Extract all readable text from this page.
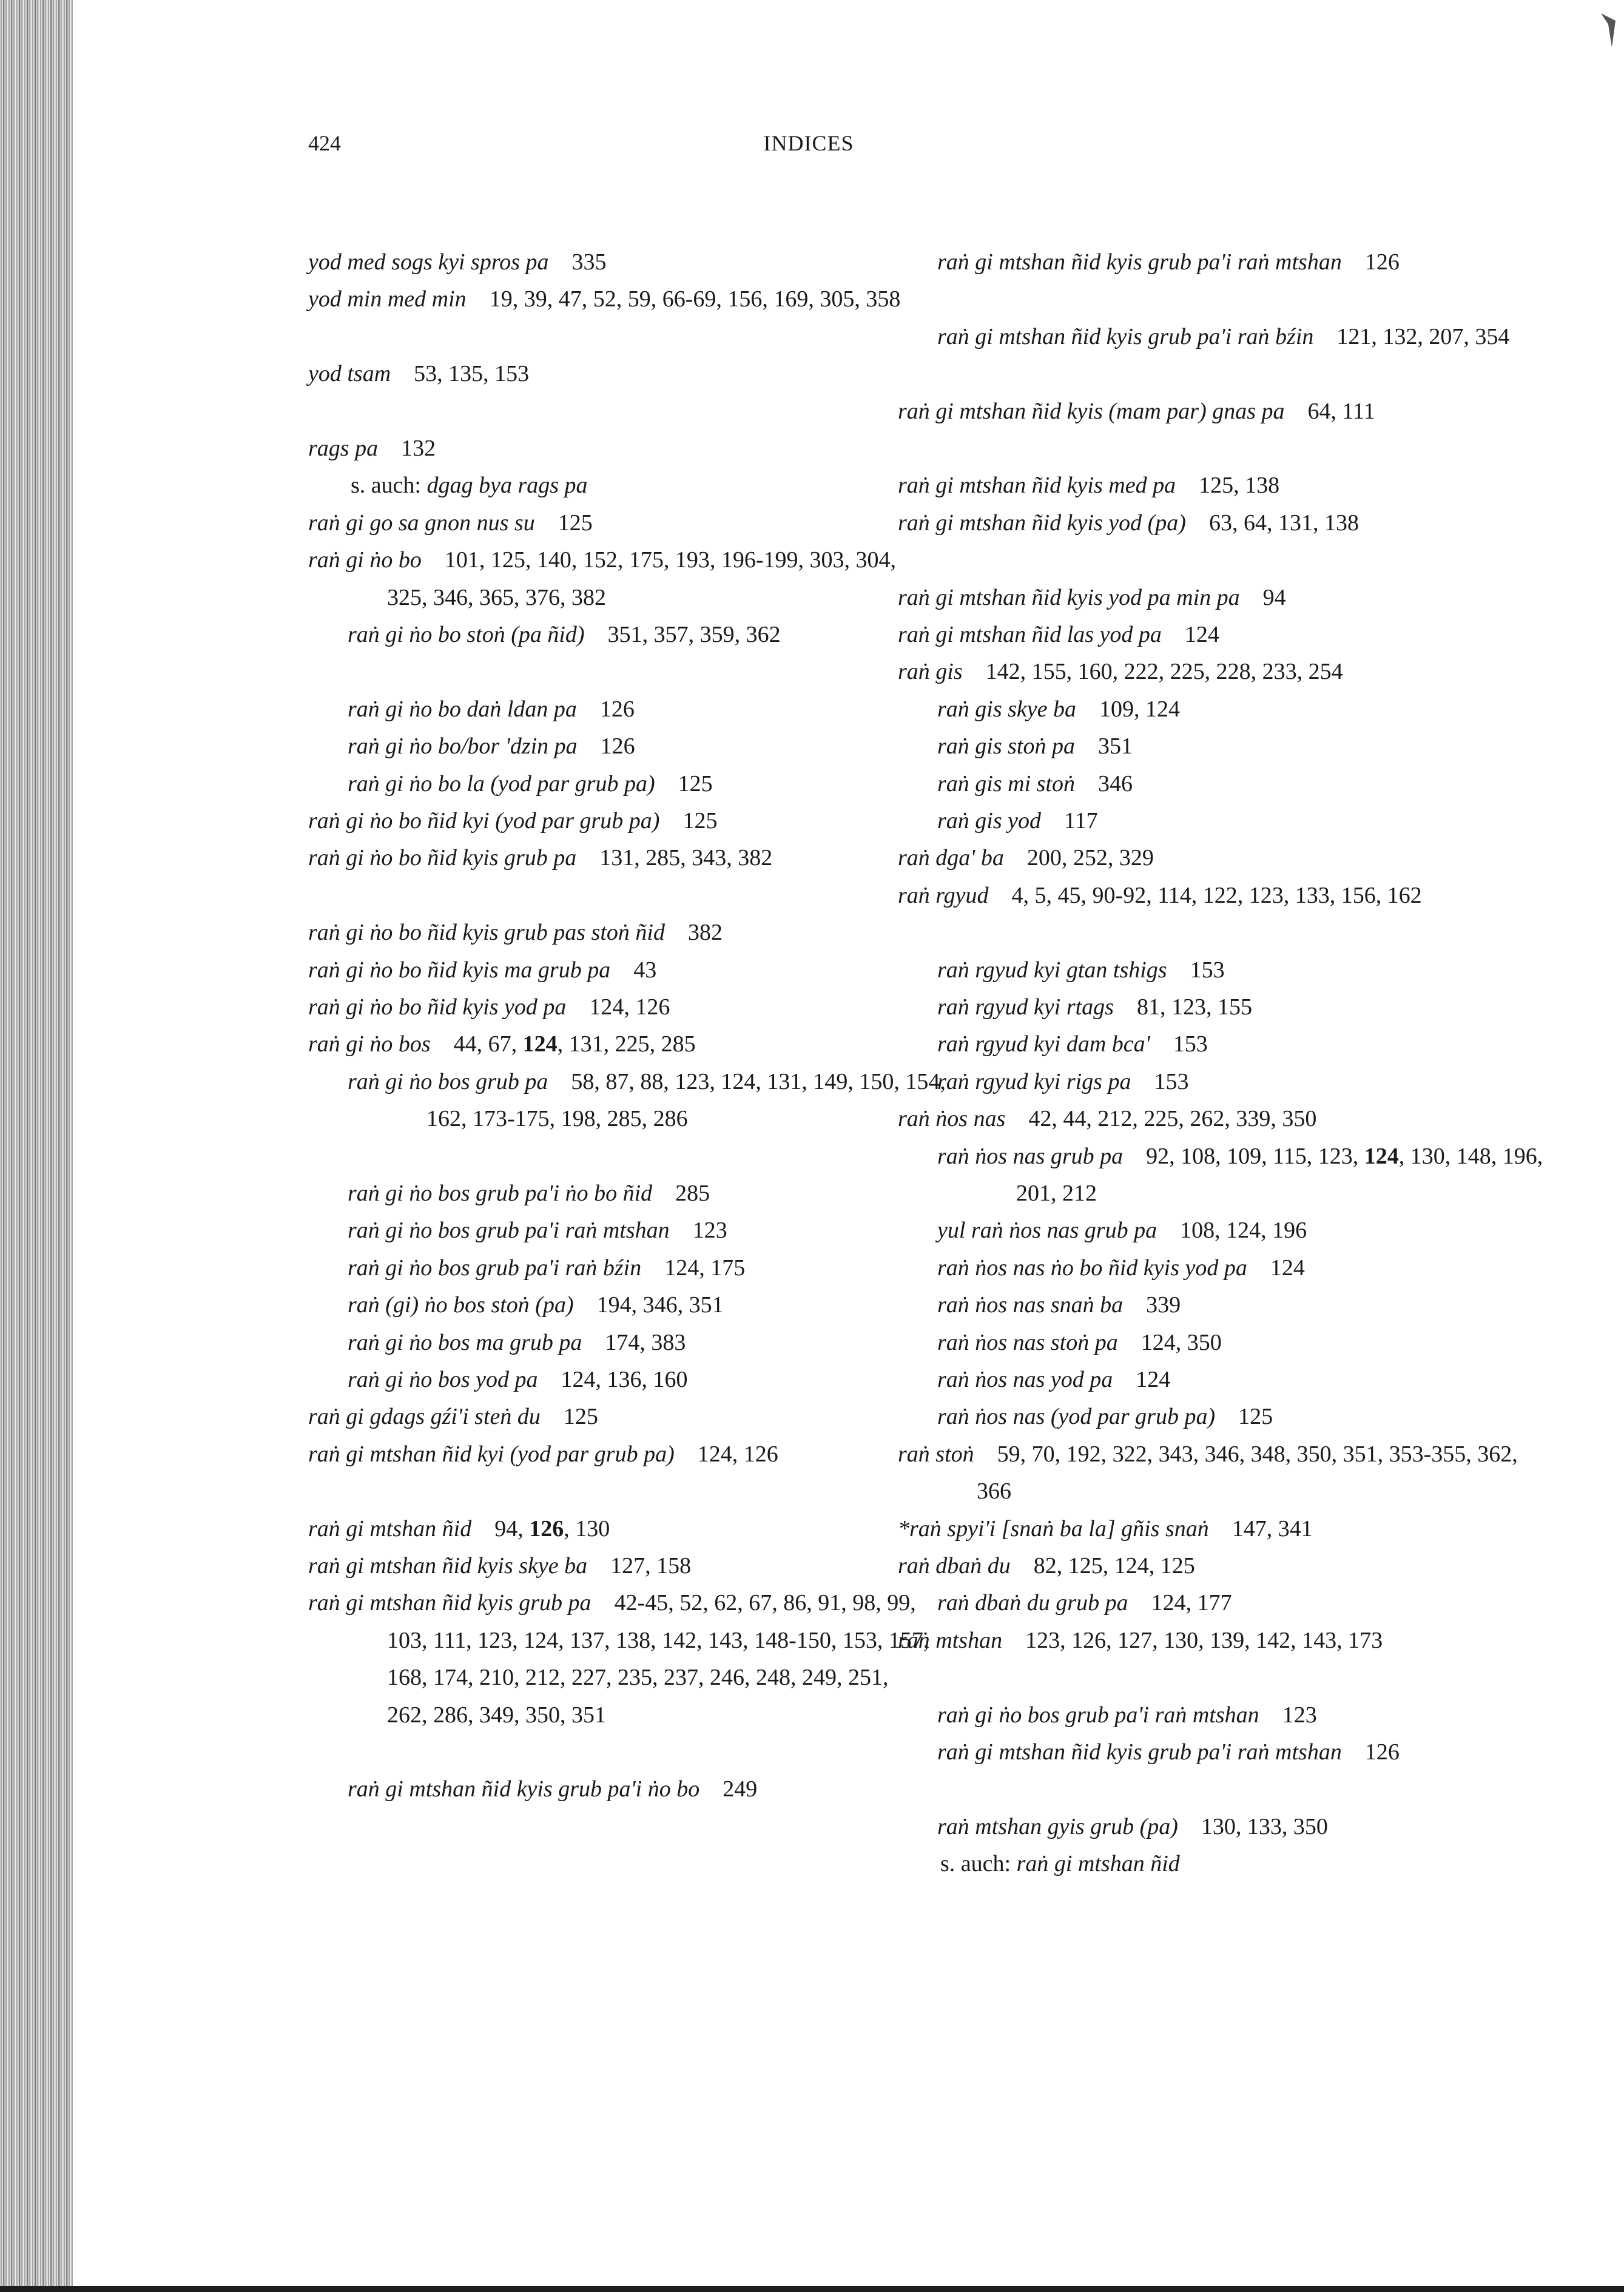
424	INDICES
yod med sogs kyi spros pa 335
yod min med min 19, 39, 47, 52, 59, 66-69, 156, 169, 305, 358
yod tsam 53, 135, 153
rags pa 132
s. auch: dgag bya rags pa
raṅ gi go sa gnon nus su 125
raṅ gi ṅo bo 101, 125, 140, 152, 175, 193, 196-199, 303, 304, 325, 346, 365, 376, 382
raṅ gi ṅo bo stoṅ (pa ñid) 351, 357, 359, 362
raṅ gi ṅo bo daṅ ldan pa 126
raṅ gi ṅo bo/bor 'dzin pa 126
raṅ gi ṅo bo la (yod par grub pa) 125
raṅ gi ṅo bo ñid kyi (yod par grub pa) 125
raṅ gi ṅo bo ñid kyis grub pa 131, 285, 343, 382
raṅ gi ṅo bo ñid kyis grub pas stoṅ ñid 382
raṅ gi ṅo bo ñid kyis ma grub pa 43
raṅ gi ṅo bo ñid kyis yod pa 124, 126
raṅ gi ṅo bos 44, 67, 124, 131, 225, 285
raṅ gi ṅo bos grub pa 58, 87, 88, 123, 124, 131, 149, 150, 154, 162, 173-175, 198, 285, 286
raṅ gi ṅo bos grub pa'i ṅo bo ñid 285
raṅ gi ṅo bos grub pa'i raṅ mtshan 123
raṅ gi ṅo bos grub pa'i raṅ bźin 124, 175
raṅ (gi) ṅo bos stoṅ (pa) 194, 346, 351
raṅ gi ṅo bos ma grub pa 174, 383
raṅ gi ṅo bos yod pa 124, 136, 160
raṅ gi gdags gźi'i steṅ du 125
raṅ gi mtshan ñid kyi (yod par grub pa) 124, 126
raṅ gi mtshan ñid 94, 126, 130
raṅ gi mtshan ñid kyis skye ba 127, 158
raṅ gi mtshan ñid kyis grub pa 42-45, 52, 62, 67, 86, 91, 98, 99, 103, 111, 123, 124, 137, 138, 142, 143, 148-150, 153, 157, 168, 174, 210, 212, 227, 235, 237, 246, 248, 249, 251, 262, 286, 349, 350, 351
raṅ gi mtshan ñid kyis grub pa'i ṅo bo 249
raṅ gi mtshan ñid kyis grub pa'i raṅ mtshan 126
raṅ gi mtshan ñid kyis grub pa'i raṅ bźin 121, 132, 207, 354
raṅ gi mtshan ñid kyis (mam par) gnas pa 64, 111
raṅ gi mtshan ñid kyis med pa 125, 138
raṅ gi mtshan ñid kyis yod (pa) 63, 64, 131, 138
raṅ gi mtshan ñid kyis yod pa min pa 94
raṅ gi mtshan ñid las yod pa 124
raṅ gis 142, 155, 160, 222, 225, 228, 233, 254
raṅ gis skye ba 109, 124
raṅ gis stoṅ pa 351
raṅ gis mi stoṅ 346
raṅ gis yod 117
raṅ dga' ba 200, 252, 329
raṅ rgyud 4, 5, 45, 90-92, 114, 122, 123, 133, 156, 162
raṅ rgyud kyi gtan tshigs 153
raṅ rgyud kyi rtags 81, 123, 155
raṅ rgyud kyi dam bca' 153
raṅ rgyud kyi rigs pa 153
raṅ ṅos nas 42, 44, 212, 225, 262, 339, 350
raṅ ṅos nas grub pa 92, 108, 109, 115, 123, 124, 130, 148, 196, 201, 212
yul raṅ ṅos nas grub pa 108, 124, 196
raṅ ṅos nas ṅo bo ñid kyis yod pa 124
raṅ ṅos nas snaṅ ba 339
raṅ ṅos nas stoṅ pa 124, 350
raṅ ṅos nas yod pa 124
raṅ ṅos nas (yod par grub pa) 125
raṅ stoṅ 59, 70, 192, 322, 343, 346, 348, 350, 351, 353-355, 362, 366
*raṅ spyi'i [snaṅ ba la] gñis snaṅ 147, 341
raṅ dbaṅ du 82, 125, 124, 125
raṅ dbaṅ du grub pa 124, 177
raṅ mtshan 123, 126, 127, 130, 139, 142, 143, 173
raṅ gi ṅo bos grub pa'i raṅ mtshan 123
raṅ gi mtshan ñid kyis grub pa'i raṅ mtshan 126
raṅ mtshan gyis grub (pa) 130, 133, 350
s. auch: raṅ gi mtshan ñid
